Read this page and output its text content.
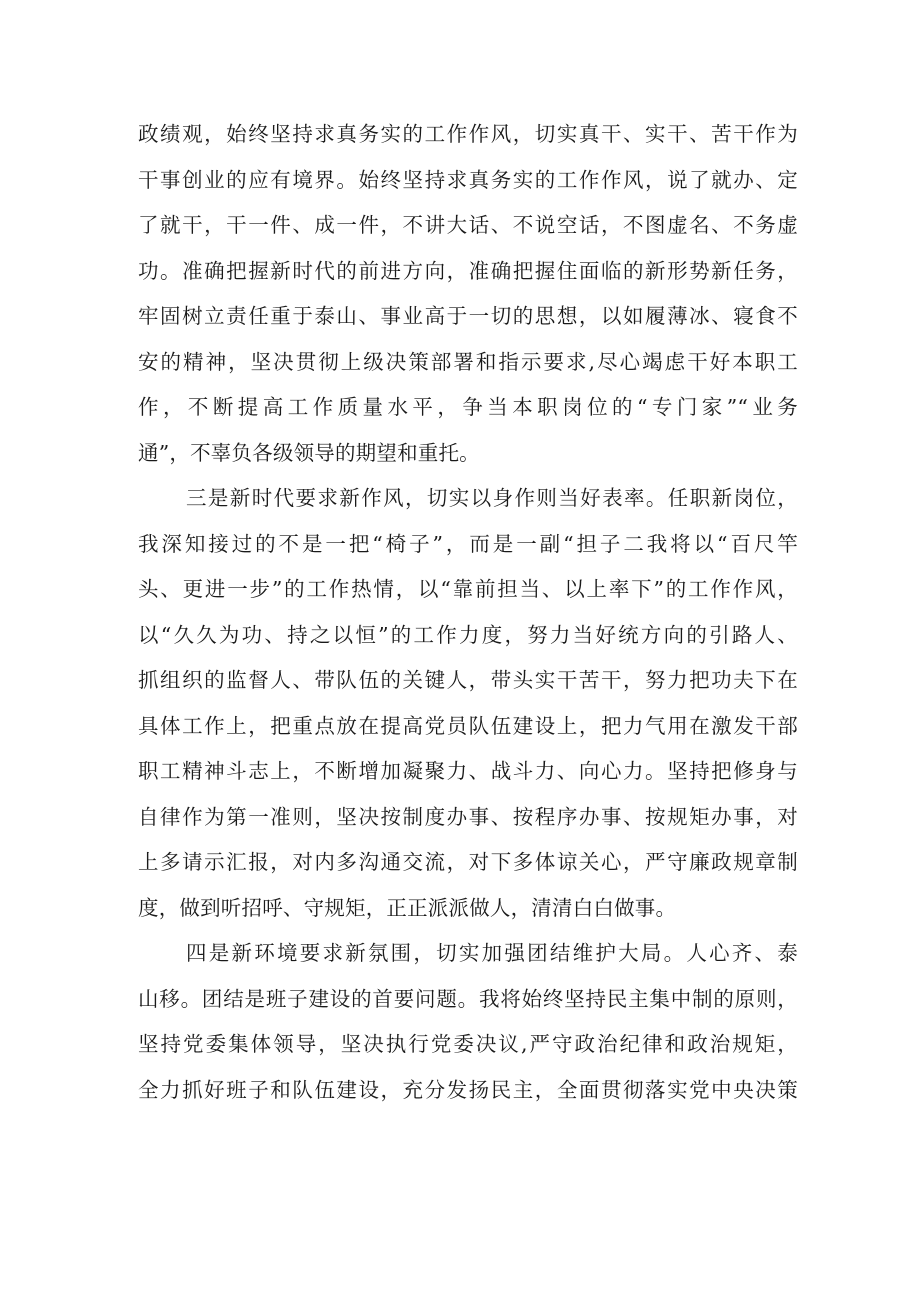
政绩观，始终坚持求真务实的工作作风，切实真干、实干、苦干作为
干事创业的应有境界。始终坚持求真务实的工作作风，说了就办、定
了就干，干一件、成一件，不讲大话、不说空话，不图虚名、不务虚
功。准确把握新时代的前进方向，准确把握住面临的新形势新任务，
牢固树立责任重于泰山、事业高于一切的思想，以如履薄冰、寝食不
安的精神，坚决贯彻上级决策部署和指示要求,尽心竭虑干好本职工
作，不断提高工作质量水平，争当本职岗位的“专门家”“业务
通”，不辜负各级领导的期望和重托。
三是新时代要求新作风，切实以身作则当好表率。任职新岗位，
我深知接过的不是一把“椅子”，而是一副“担子二我将以“百尺竿
头、更进一步”的工作热情，以“靠前担当、以上率下”的工作作风，
以“久久为功、持之以恒”的工作力度，努力当好统方向的引路人、
抓组织的监督人、带队伍的关键人，带头实干苦干，努力把功夫下在
具体工作上，把重点放在提高党员队伍建设上，把力气用在激发干部
职工精神斗志上，不断增加凝聚力、战斗力、向心力。坚持把修身与
自律作为第一准则，坚决按制度办事、按程序办事、按规矩办事，对
上多请示汇报，对内多沟通交流，对下多体谅关心，严守廉政规章制
度，做到听招呼、守规矩，正正派派做人，清清白白做事。
四是新环境要求新氛围，切实加强团结维护大局。人心齐、泰
山移。团结是班子建设的首要问题。我将始终坚持民主集中制的原则，
坚持党委集体领导，坚决执行党委决议,严守政治纪律和政治规矩，
全力抓好班子和队伍建设，充分发扬民主，全面贯彻落实党中央决策
